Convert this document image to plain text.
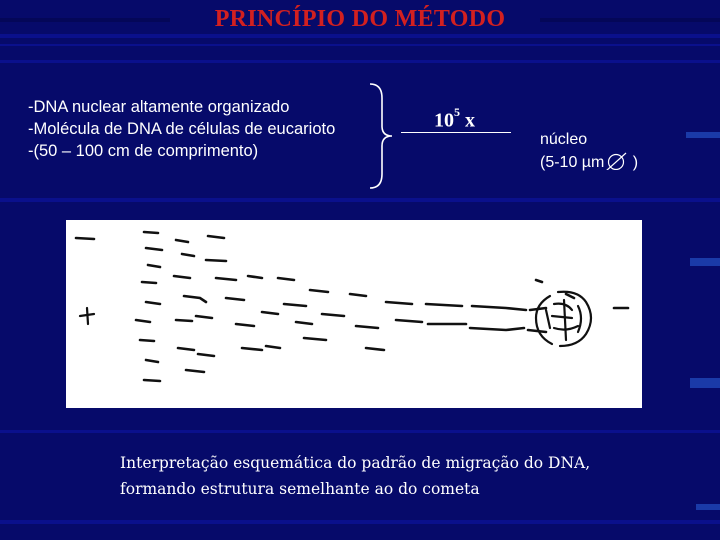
PRINCÍPIO DO MÉTODO
-DNA nuclear altamente organizado
-Molécula de DNA de células de eucarioto
-(50 – 100 cm de comprimento)
$10^5$ x
núcleo
(5-10 µm )
Interpretação esquemática do padrão de migração do DNA,
formando estrutura semelhante ao do cometa
